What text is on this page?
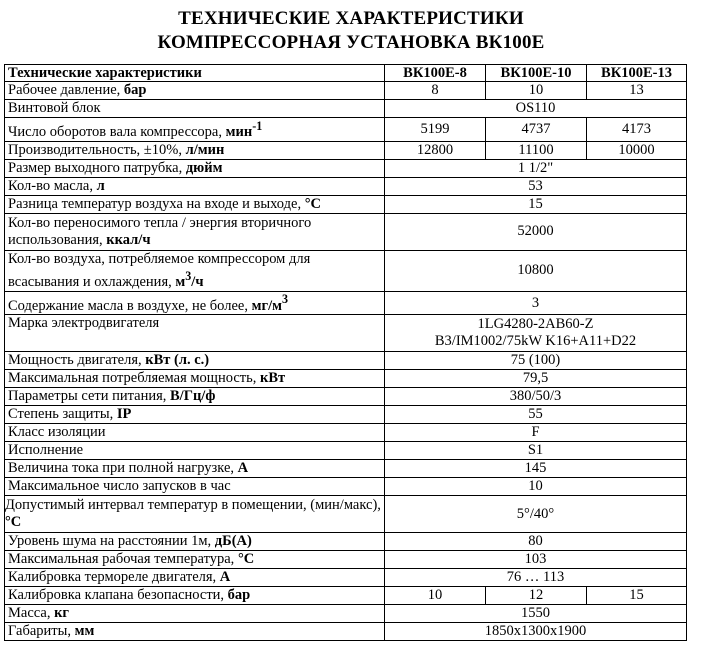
ТЕХНИЧЕСКИЕ ХАРАКТЕРИСТИКИ
КОМПРЕССОРНАЯ УСТАНОВКА ВК100Е
Технические характеристики	ВК100Е-8	ВК100Е-10	ВК100Е-13
Рабочее давление, бар	8	10	13
Винтовой блок	OS110		
Число оборотов вала компрессора, мин$^{-1}$	5199	4737	4173
Производительность, ±10%, л/мин	12800	11100	10000
Размер выходного патрубка, дюйм	1 1/2"		
Кол-во масла, л	53		
Разница температур воздуха на входе и выходе, °С	15		
Кол-во переносимого тепла / энергия вторичного использования, ккал/ч	52000		
Кол-во воздуха, потребляемое компрессором для всасывания и охлаждения, $м^3/ч$	10800		
Содержание масла в воздухе, не более, $мг/м^3$	3		
Марка электродвигателя	1LG4280-2AB60-Z
B3/IM1002/75kW K16+A11+D22		

Мощность двигателя, кВт (л. с.)	75 (100)		
Максимальная потребляемая мощность, кВт	79,5		
Параметры сети питания, В/Гц/ф	380/50/3		
Степень защиты, IP	55		
Класс изоляции	F		
Исполнение	S1		
Величина тока при полной нагрузке, А	145		
Максимальное число запусков в час	10		
Допустимый интервал температур в помещении, (мин/макс), °С	5°/40°		
Уровень шума на расстоянии 1м, дБ(А)	80		
Максимальная рабочая температура, °С	103		
Калибровка термореле двигателя, А	76 … 113		
Калибровка клапана безопасности, бар	10	12	15
Масса, кг	1550		
Габариты, мм	1850х1300х1900		
